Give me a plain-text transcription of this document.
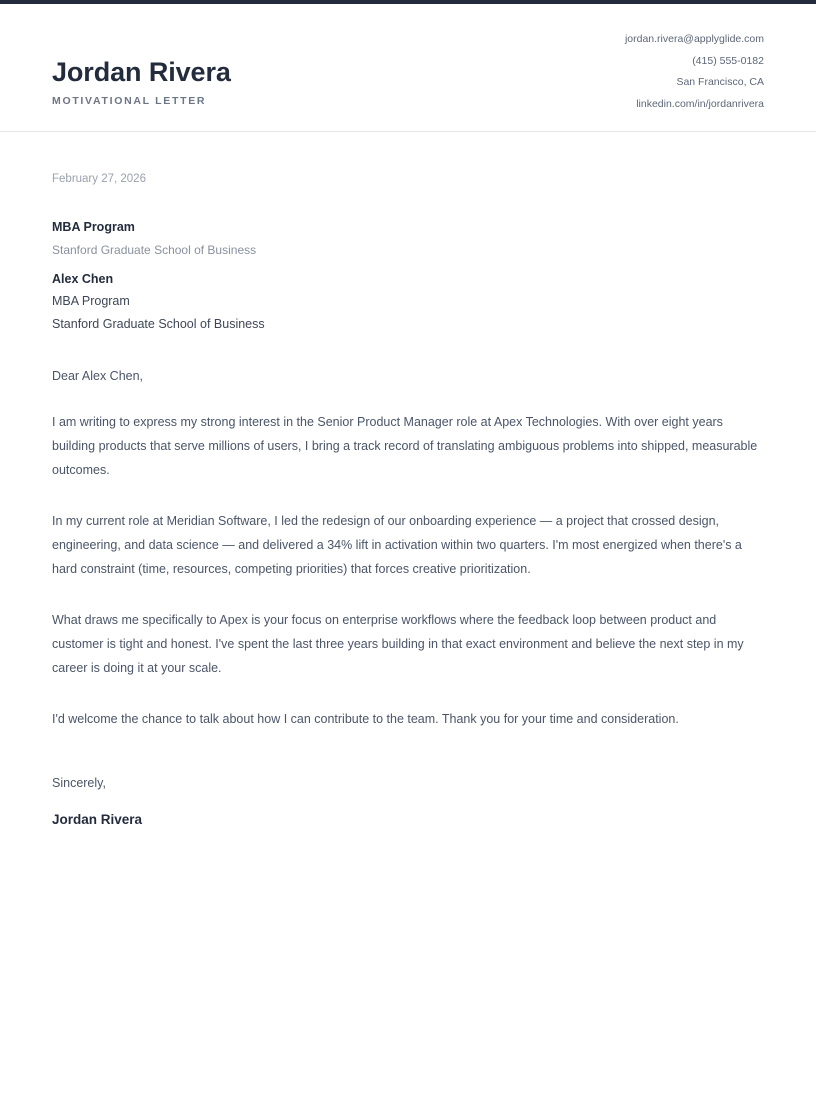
Jordan Rivera
MOTIVATIONAL LETTER
jordan.rivera@applyglide.com
(415) 555-0182
San Francisco, CA
linkedin.com/in/jordanrivera
February 27, 2026
MBA Program
Stanford Graduate School of Business
Alex Chen
MBA Program
Stanford Graduate School of Business
Dear Alex Chen,
I am writing to express my strong interest in the Senior Product Manager role at Apex Technologies. With over eight years building products that serve millions of users, I bring a track record of translating ambiguous problems into shipped, measurable outcomes.
In my current role at Meridian Software, I led the redesign of our onboarding experience — a project that crossed design, engineering, and data science — and delivered a 34% lift in activation within two quarters. I'm most energized when there's a hard constraint (time, resources, competing priorities) that forces creative prioritization.
What draws me specifically to Apex is your focus on enterprise workflows where the feedback loop between product and customer is tight and honest. I've spent the last three years building in that exact environment and believe the next step in my career is doing it at your scale.
I'd welcome the chance to talk about how I can contribute to the team. Thank you for your time and consideration.
Sincerely,
Jordan Rivera
